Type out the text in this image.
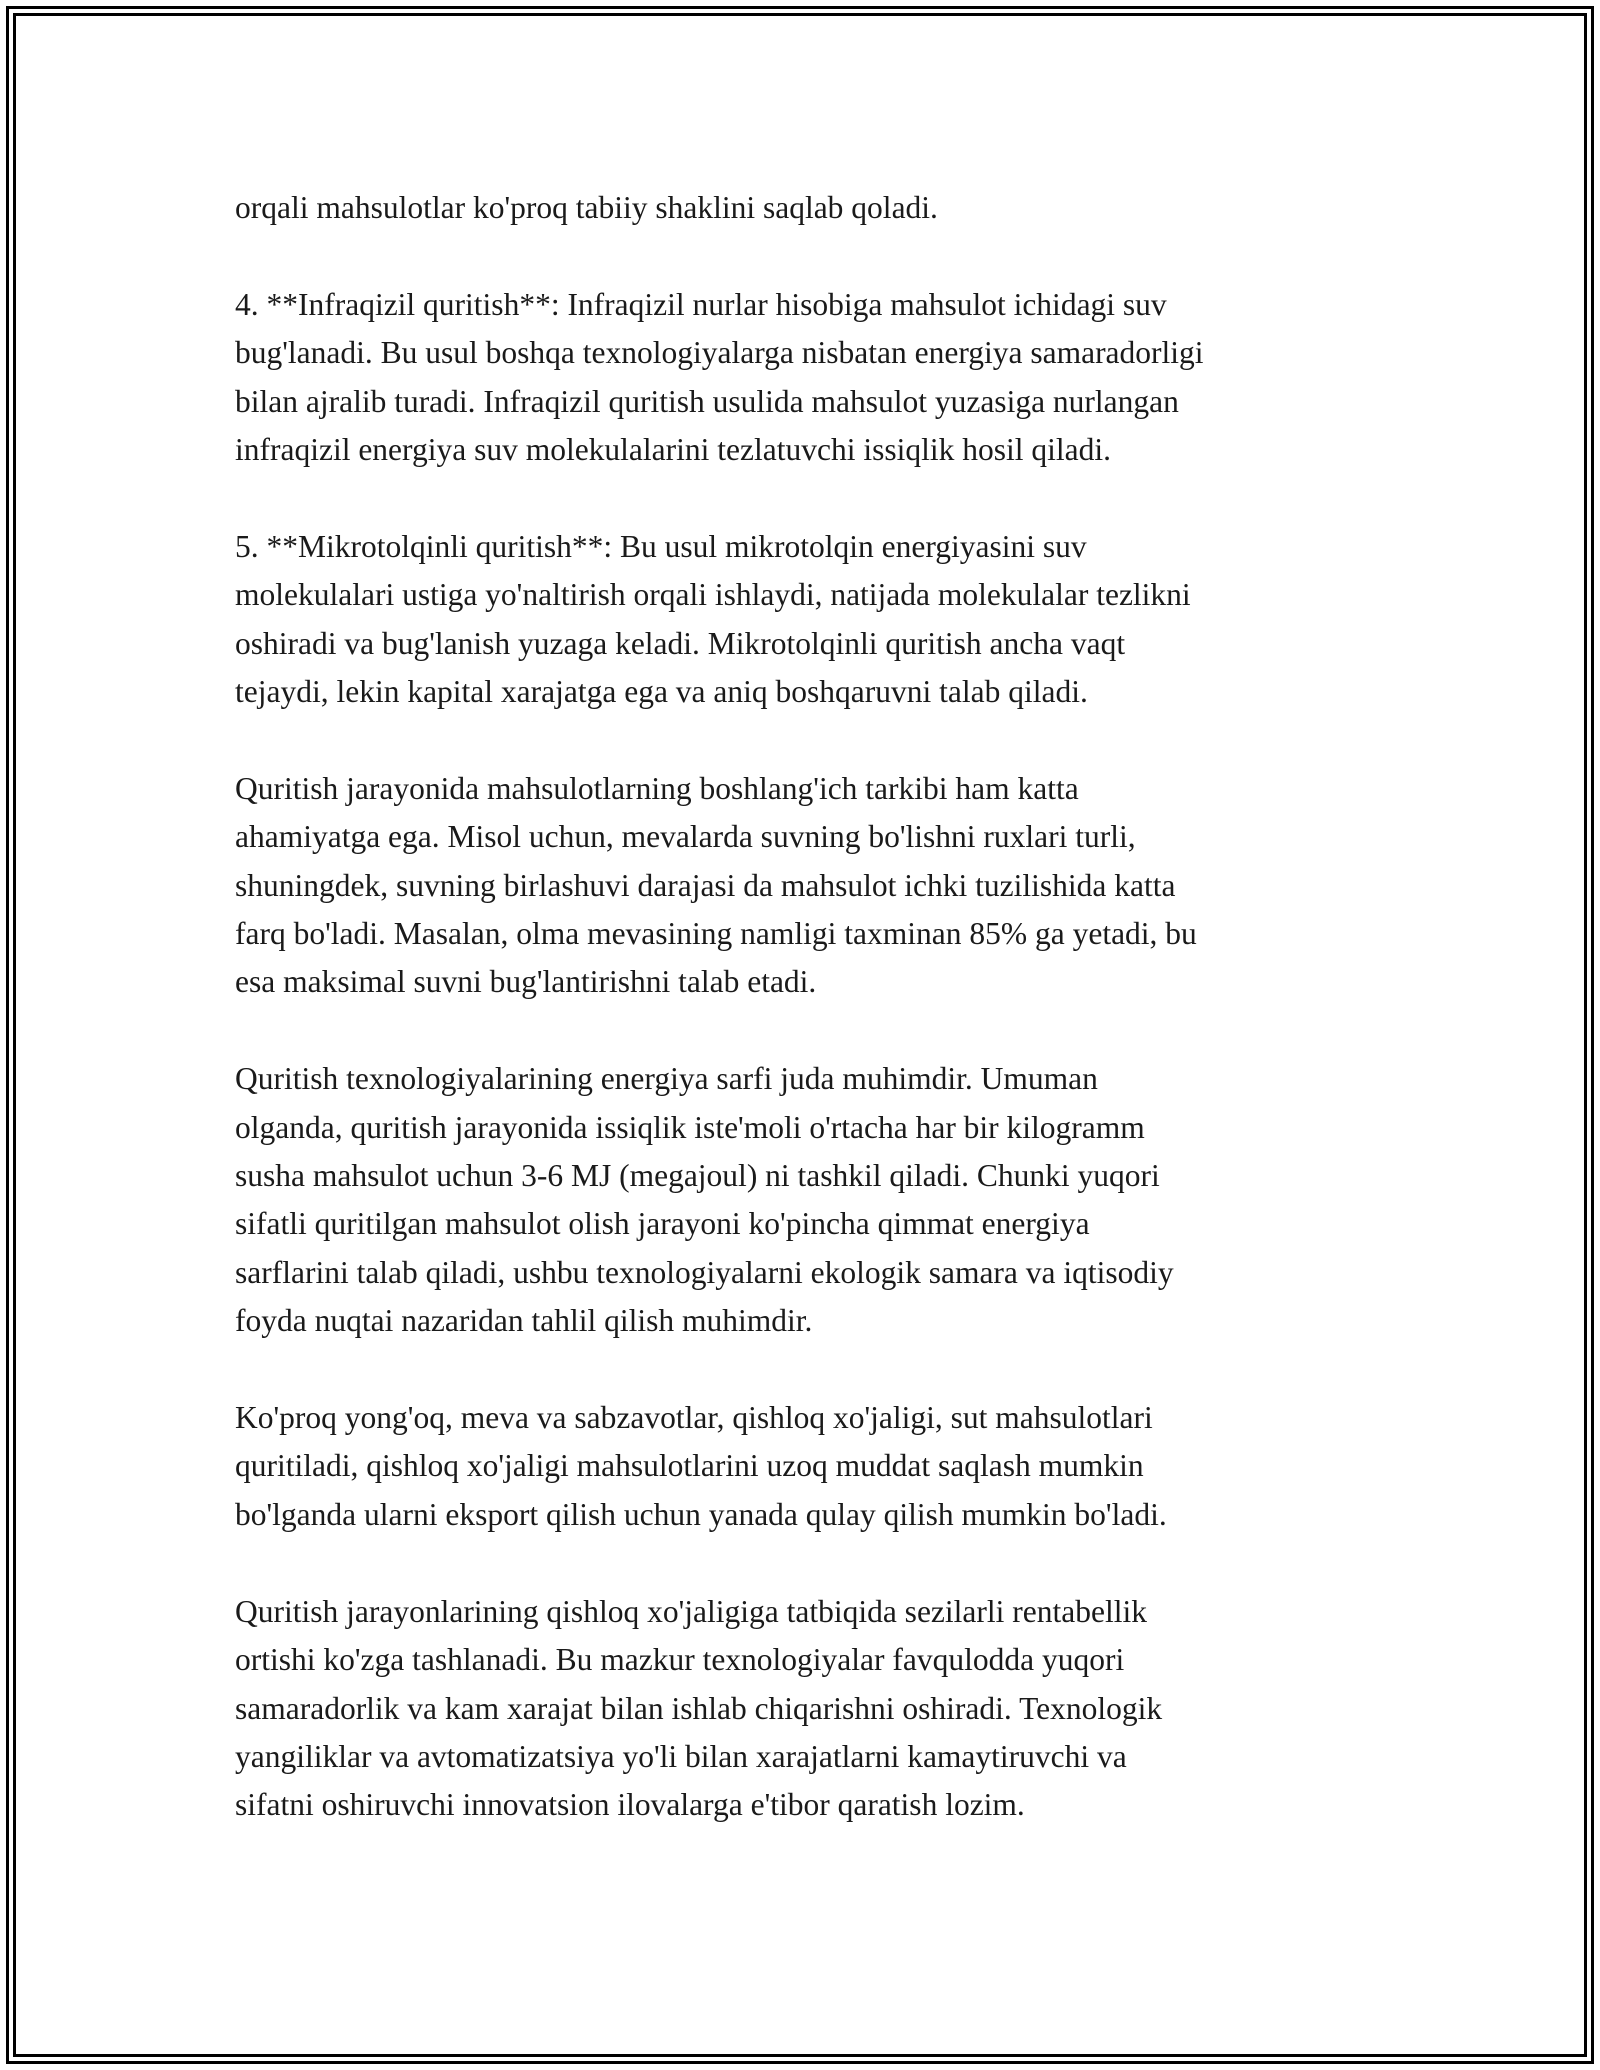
orqali mahsulotlar ko'proq tabiiy shaklini saqlab qoladi.

4. **Infraqizil quritish**: Infraqizil nurlar hisobiga mahsulot ichidagi suv
bug'lanadi. Bu usul boshqa texnologiyalarga nisbatan energiya samaradorligi
bilan ajralib turadi. Infraqizil quritish usulida mahsulot yuzasiga nurlangan
infraqizil energiya suv molekulalarini tezlatuvchi issiqlik hosil qiladi.

5. **Mikrotolqinli quritish**: Bu usul mikrotolqin energiyasini suv
molekulalari ustiga yo'naltirish orqali ishlaydi, natijada molekulalar tezlikni
oshiradi va bug'lanish yuzaga keladi. Mikrotolqinli quritish ancha vaqt
tejaydi, lekin kapital xarajatga ega va aniq boshqaruvni talab qiladi.

Quritish jarayonida mahsulotlarning boshlang'ich tarkibi ham katta
ahamiyatga ega. Misol uchun, mevalarda suvning bo'lishni ruxlari turli,
shuningdek, suvning birlashuvi darajasi da mahsulot ichki tuzilishida katta
farq bo'ladi. Masalan, olma mevasining namligi taxminan 85% ga yetadi, bu
esa maksimal suvni bug'lantirishni talab etadi.

Quritish texnologiyalarining energiya sarfi juda muhimdir. Umuman
olganda, quritish jarayonida issiqlik iste'moli o'rtacha har bir kilogramm
susha mahsulot uchun 3-6 MJ (megajoul) ni tashkil qiladi. Chunki yuqori
sifatli quritilgan mahsulot olish jarayoni ko'pincha qimmat energiya
sarflarini talab qiladi, ushbu texnologiyalarni ekologik samara va iqtisodiy
foyda nuqtai nazaridan tahlil qilish muhimdir.

Ko'proq yong'oq, meva va sabzavotlar, qishloq xo'jaligi, sut mahsulotlari
quritiladi, qishloq xo'jaligi mahsulotlarini uzoq muddat saqlash mumkin
bo'lganda ularni eksport qilish uchun yanada qulay qilish mumkin bo'ladi.

Quritish jarayonlarining qishloq xo'jaligiga tatbiqida sezilarli rentabellik
ortishi ko'zga tashlanadi. Bu mazkur texnologiyalar favqulodda yuqori
samaradorlik va kam xarajat bilan ishlab chiqarishni oshiradi. Texnologik
yangiliklar va avtomatizatsiya yo'li bilan xarajatlarni kamaytiruvchi va
sifatni oshiruvchi innovatsion ilovalarga e'tibor qaratish lozim.
